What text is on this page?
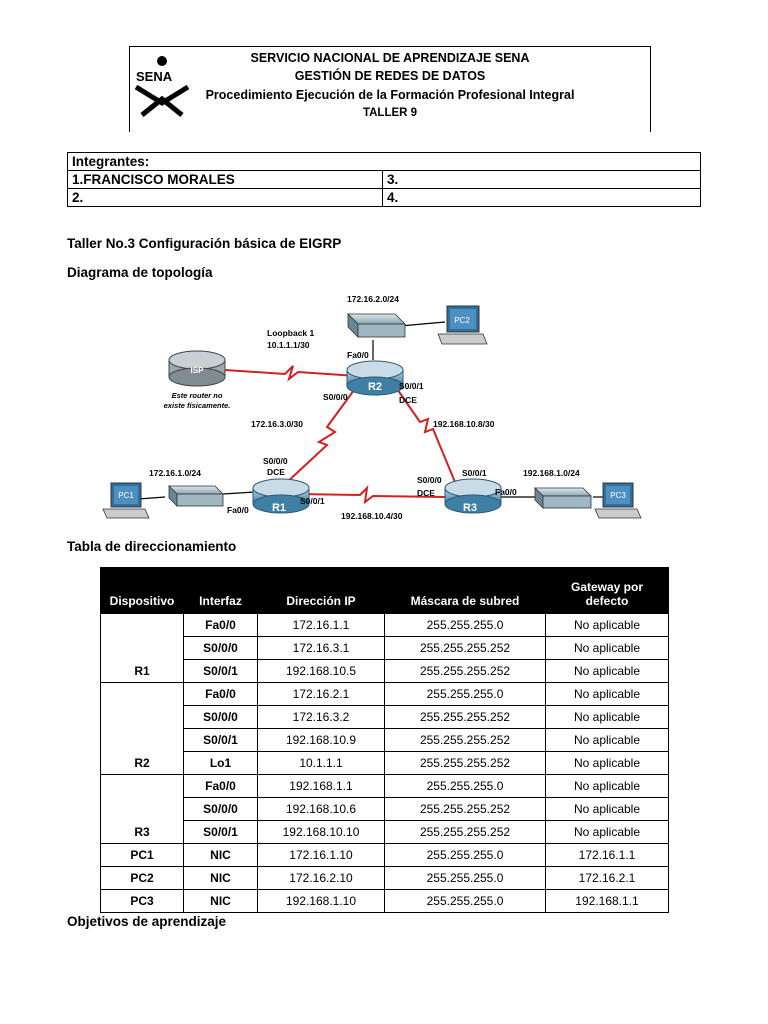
SENA
SERVICIO NACIONAL DE APRENDIZAJE SENA
GESTIÓN DE REDES DE DATOS
Procedimiento Ejecución de la Formación Profesional Integral
TALLER 9
Integrantes:	
1.FRANCISCO MORALES	3.
2.	4.
Taller No.3 Configuración básica de EIGRP
Diagrama de topología
PC2
ISP
Este router no
existe físicamente.
R2
R1	R3
PC1	PC3
172.16.2.0/24
Loopback 1
10.1.1.1/30
Fa0/0
S0/0/0
S0/0/1
DCE
172.16.3.0/30	192.168.10.8/30
S0/0/0
DCE
172.16.1.0/24
Fa0/0
S0/0/1
192.168.10.4/30
S0/0/0
DCE
S0/0/1
Fa0/0
192.168.1.0/24
Tabla de direccionamiento
Dispositivo	Interfaz	Dirección IP	Máscara de subred	Gateway por defecto
R1	Fa0/0	172.16.1.1	255.255.255.0	No aplicable
	S0/0/0	172.16.3.1	255.255.255.252	No aplicable
	S0/0/1	192.168.10.5	255.255.255.252	No aplicable
R2	Fa0/0	172.16.2.1	255.255.255.0	No aplicable
	S0/0/0	172.16.3.2	255.255.255.252	No aplicable
	S0/0/1	192.168.10.9	255.255.255.252	No aplicable
	Lo1	10.1.1.1	255.255.255.252	No aplicable
R3	Fa0/0	192.168.1.1	255.255.255.0	No aplicable
	S0/0/0	192.168.10.6	255.255.255.252	No aplicable
	S0/0/1	192.168.10.10	255.255.255.252	No aplicable
PC1	NIC	172.16.1.10	255.255.255.0	172.16.1.1
PC2	NIC	172.16.2.10	255.255.255.0	172.16.2.1
PC3	NIC	192.168.1.10	255.255.255.0	192.168.1.1
Objetivos de aprendizaje
